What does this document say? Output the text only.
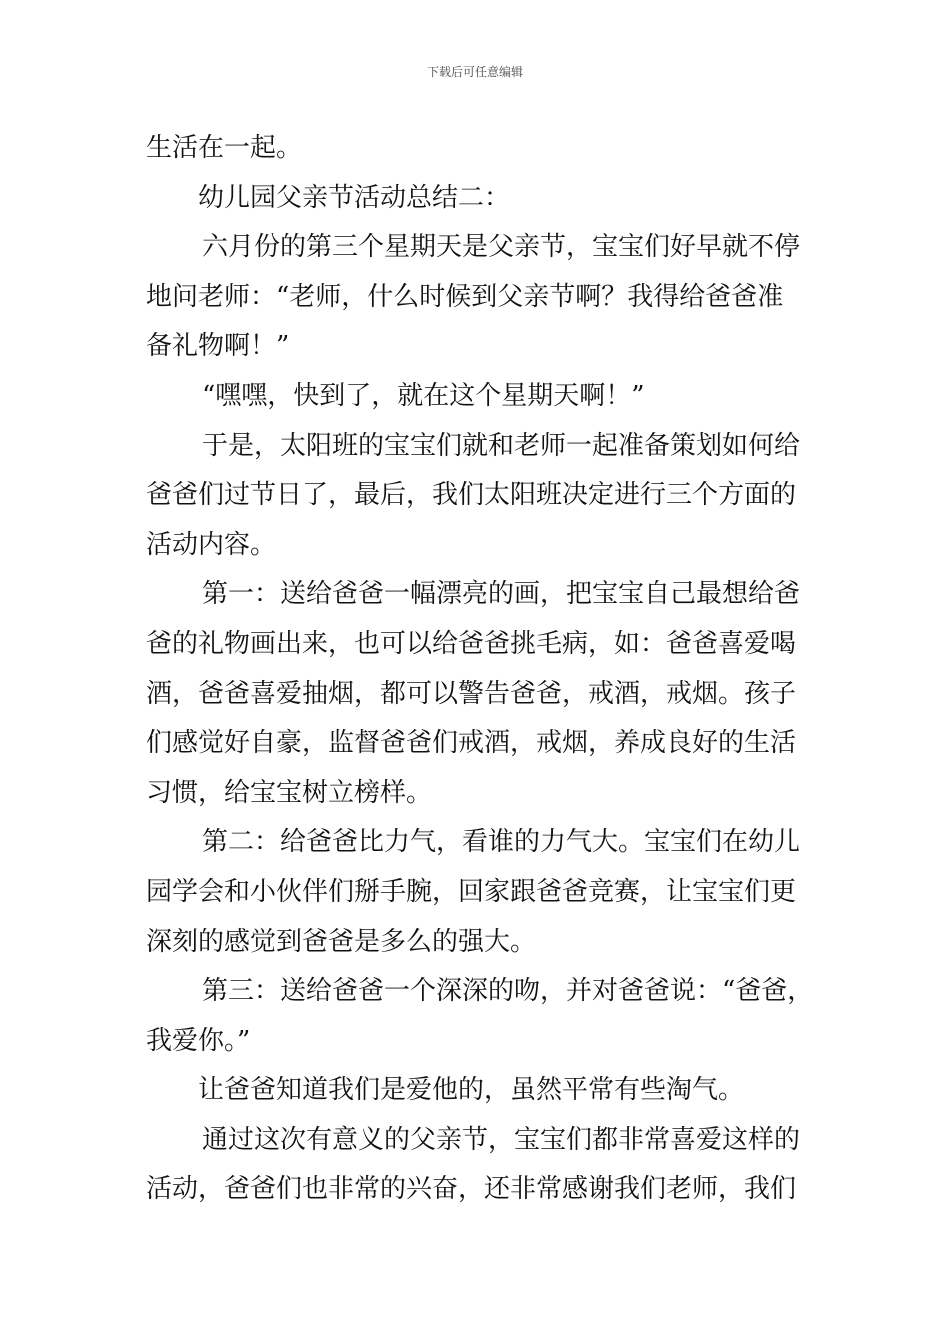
下载后可任意编辑
生活在一起。
幼儿园父亲节活动总结二：
六月份的第三个星期天是父亲节，宝宝们好早就不停
地问老师：“老师，什么时候到父亲节啊？我得给爸爸准
备礼物啊！”
“嘿嘿，快到了，就在这个星期天啊！”
于是，太阳班的宝宝们就和老师一起准备策划如何给
爸爸们过节日了，最后，我们太阳班决定进行三个方面的
活动内容。
第一：送给爸爸一幅漂亮的画，把宝宝自己最想给爸
爸的礼物画出来，也可以给爸爸挑毛病，如：爸爸喜爱喝
酒，爸爸喜爱抽烟，都可以警告爸爸，戒酒，戒烟。孩子
们感觉好自豪，监督爸爸们戒酒，戒烟，养成良好的生活
习惯，给宝宝树立榜样。
第二：给爸爸比力气，看谁的力气大。宝宝们在幼儿
园学会和小伙伴们掰手腕，回家跟爸爸竞赛，让宝宝们更
深刻的感觉到爸爸是多么的强大。
第三：送给爸爸一个深深的吻，并对爸爸说：“爸爸，
我爱你。”
让爸爸知道我们是爱他的，虽然平常有些淘气。
通过这次有意义的父亲节，宝宝们都非常喜爱这样的
活动，爸爸们也非常的兴奋，还非常感谢我们老师，我们
